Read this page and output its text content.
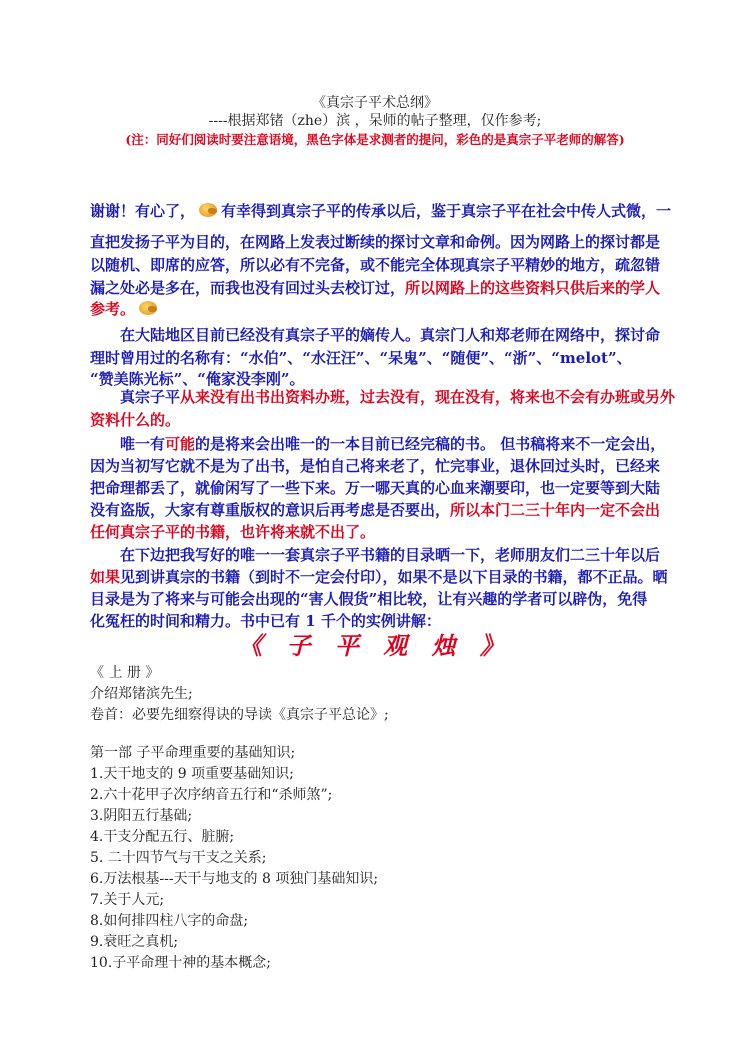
《真宗子平术总纲》
----根据郑锗（zhe）滨 ，呆师的帖子整理，仅作参考;
(注：同好们阅读时要注意语境，黑色字体是求测者的提问，彩色的是真宗子平老师的解答)
谢谢！有心了， 有幸得到真宗子平的传承以后，鉴于真宗子平在社会中传人式微，一
直把发扬子平为目的，在网路上发表过断续的探讨文章和命例。因为网路上的探讨都是
以随机、即席的应答，所以必有不完备，或不能完全体现真宗子平精妙的地方，疏忽错
漏之处必是多在，而我也没有回过头去校订过，所以网路上的这些资料只供后来的学人
参考。
在大陆地区目前已经没有真宗子平的嫡传人。真宗门人和郑老师在网络中，探讨命
理时曾用过的名称有：“水伯”、“水汪汪”、“呆鬼”、“随便”、“浙”、“melot”、
“赞美陈光标”、“俺家没李刚”。
真宗子平从来没有出书出资料办班，过去没有，现在没有，将来也不会有办班或另外
资料什么的。
唯一有可能的是将来会出唯一的一本目前已经完稿的书。 但书稿将来不一定会出，
因为当初写它就不是为了出书，是怕自己将来老了，忙完事业，退休回过头时，已经来
把命理都丢了，就偷闲写了一些下来。万一哪天真的心血来潮要印，也一定要等到大陆
没有盗版，大家有尊重版权的意识后再考虑是否要出，所以本门二三十年内一定不会出
任何真宗子平的书籍，也许将来就不出了。
在下边把我写好的唯一一套真宗子平书籍的目录晒一下，老师朋友们二三十年以后
如果见到讲真宗的书籍（到时不一定会付印），如果不是以下目录的书籍，都不正品。晒
目录是为了将来与可能会出现的“害人假货”相比较，让有兴趣的学者可以辟伪，免得
化冤枉的时间和精力。书中已有 1 千个的实例讲解：
《 子 平 观 烛 》
《 上 册 》
介绍郑锗滨先生;
卷首：必要先细察得诀的导读《真宗子平总论》;
第一部 子平命理重要的基础知识;
1.天干地支的 9 项重要基础知识;
2.六十花甲子次序纳音五行和“杀师煞”;
3.阴阳五行基础;
4.干支分配五行、脏腑;
5. 二十四节气与干支之关系;
6.万法根基---天干与地支的 8 项独门基础知识;
7.关于人元;
8.如何排四柱八字的命盘;
9.衰旺之真机;
10.子平命理十神的基本概念;
